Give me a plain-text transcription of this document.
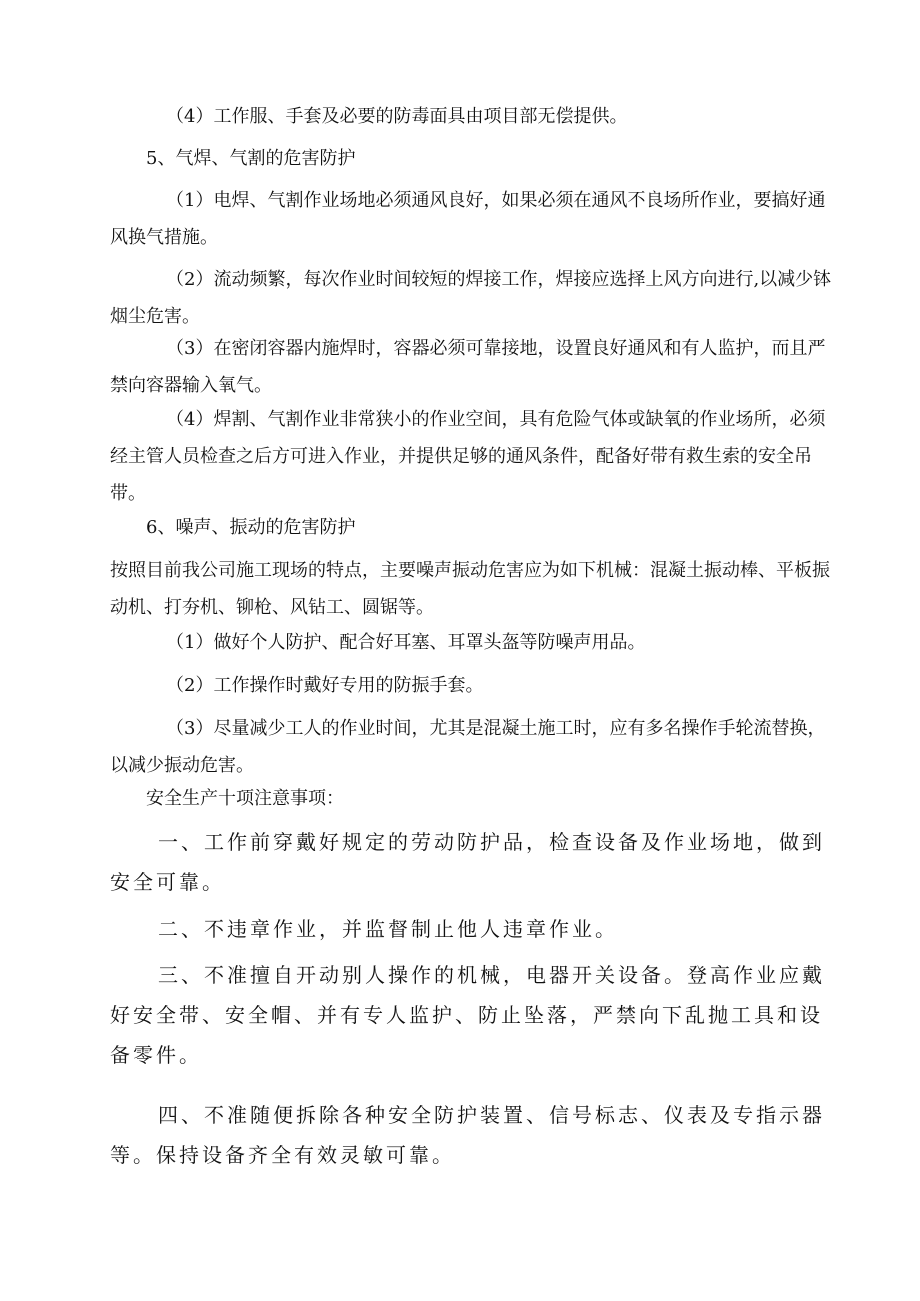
（4）工作服、手套及必要的防毒面具由项目部无偿提供。

5、气焊、气割的危害防护

（1）电焊、气割作业场地必须通风良好，如果必须在通风不良场所作业，要搞好通风换气措施。

（2）流动频繁，每次作业时间较短的焊接工作，焊接应选择上风方向进行,以减少钵烟尘危害。

（3）在密闭容器内施焊时，容器必须可靠接地，设置良好通风和有人监护，而且严禁向容器输入氧气。

（4）焊割、气割作业非常狭小的作业空间，具有危险气体或缺氧的作业场所，必须经主管人员检查之后方可进入作业，并提供足够的通风条件，配备好带有救生索的安全吊带。

6、噪声、振动的危害防护

按照目前我公司施工现场的特点，主要噪声振动危害应为如下机械：混凝土振动棒、平板振动机、打夯机、铆枪、风钻工、圆锯等。

（1）做好个人防护、配合好耳塞、耳罩头盔等防噪声用品。

（2）工作操作时戴好专用的防振手套。

（3）尽量减少工人的作业时间，尤其是混凝土施工时，应有多名操作手轮流替换，以减少振动危害。

安全生产十项注意事项：

一、工作前穿戴好规定的劳动防护品，检查设备及作业场地，做到安全可靠。

二、不违章作业，并监督制止他人违章作业。

三、不准擅自开动别人操作的机械，电器开关设备。登高作业应戴好安全带、安全帽、并有专人监护、防止坠落，严禁向下乱抛工具和设备零件。

四、不准随便拆除各种安全防护装置、信号标志、仪表及专指示器等。保持设备齐全有效灵敏可靠。
